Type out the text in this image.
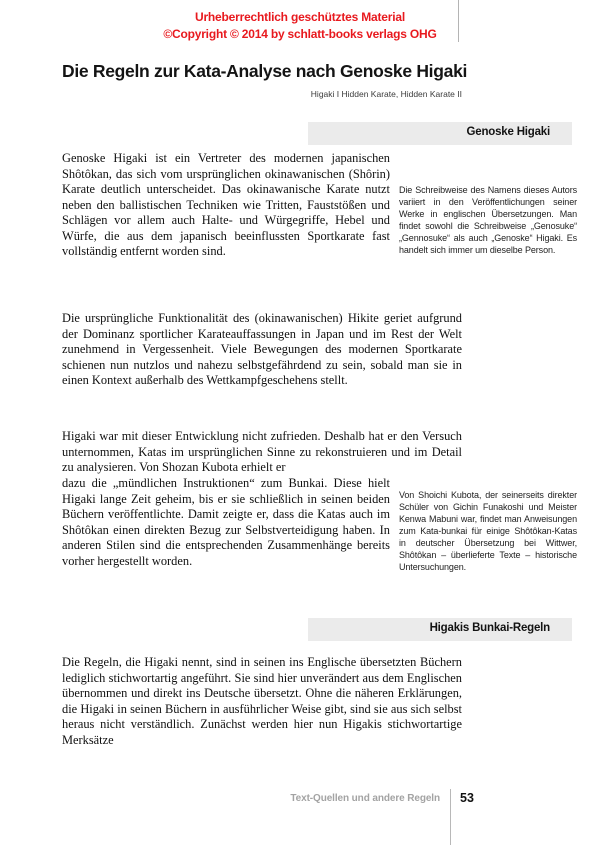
Urheberrechtlich geschütztes Material
©Copyright © 2014 by schlatt-books verlags OHG
Die Regeln zur Kata-Analyse nach Genoske Higaki
Higaki I Hidden Karate, Hidden Karate II
Genoske Higaki
Genoske Higaki ist ein Vertreter des modernen japanischen Shôtôkan, das sich vom ursprünglichen okinawanischen (Shôrin) Karate deutlich unterscheidet. Das okinawanische Karate nutzt neben den ballistischen Techniken wie Tritten, Fauststößen und Schlägen vor allem auch Halte- und Würgegriffe, Hebel und Würfe, die aus dem japanisch beeinflussten Sportkarate fast vollständig entfernt worden sind.
Die Schreibweise des Namens dieses Autors variiert in den Veröffentlichungen seiner Werke in englischen Übersetzungen. Man findet sowohl die Schreibweise „Genosuke“ „Gennosuke“ als auch „Genoske“ Higaki. Es handelt sich immer um dieselbe Person.
Die ursprüngliche Funktionalität des (okinawanischen) Hikite geriet aufgrund der Dominanz sportlicher Karateauffassungen in Japan und im Rest der Welt zunehmend in Vergessenheit. Viele Bewegungen des modernen Sportkarate schienen nun nutzlos und nahezu selbstgefährdend zu sein, sobald man sie in einen Kontext außerhalb des Wettkampfgeschehens stellt.
Higaki war mit dieser Entwicklung nicht zufrieden. Deshalb hat er den Versuch unternommen, Katas im ursprünglichen Sinne zu rekonstruieren und im Detail zu analysieren. Von Shozan Kubota erhielt er
dazu die „mündlichen Instruktionen“ zum Bunkai. Diese hielt Higaki lange Zeit geheim, bis er sie schließlich in seinen beiden Büchern veröffentlichte. Damit zeigte er, dass die Katas auch im Shôtôkan einen direkten Bezug zur Selbstverteidigung haben. In anderen Stilen sind die entsprechenden Zusammenhänge bereits vorher hergestellt worden.
Von Shoichi Kubota, der seinerseits direkter Schüler von Gichin Funakoshi und Meister Kenwa Mabuni war, findet man Anweisungen zum Kata-bunkai für einige Shôtôkan-Katas in deutscher Übersetzung bei Wittwer, Shôtôkan – überlieferte Texte – historische Untersuchungen.
Higakis Bunkai-Regeln
Die Regeln, die Higaki nennt, sind in seinen ins Englische übersetzten Büchern lediglich stichwortartig angeführt. Sie sind hier unverändert aus dem Englischen übernommen und direkt ins Deutsche übersetzt. Ohne die näheren Erklärungen, die Higaki in seinen Büchern in ausführlicher Weise gibt, sind sie aus sich selbst heraus nicht verständlich. Zunächst werden hier nun Higakis stichwortartige Merksätze
Text-Quellen und andere Regeln 53
